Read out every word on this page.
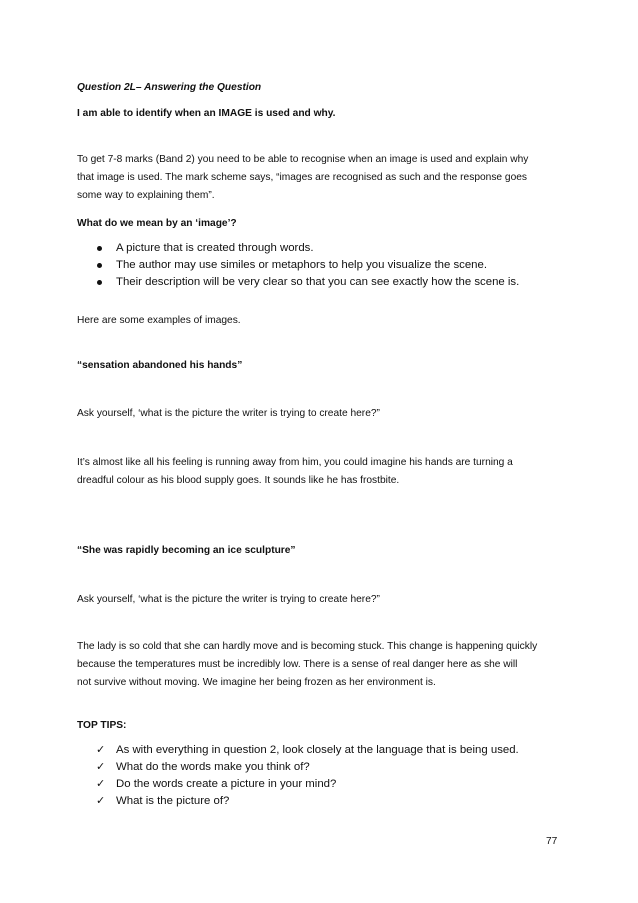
Question 2L– Answering the Question

I am able to identify when an IMAGE is used and why.

To get 7-8 marks (Band 2) you need to be able to recognise when an image is used and explain why

that image is used. The mark scheme says, “images are recognised as such and the response goes

some way to explaining them”.

What do we mean by an ‘image’?

A picture that is created through words.
The author may use similes or metaphors to help you visualize the scene.
Their description will be very clear so that you can see exactly how the scene is.

Here are some examples of images.

“sensation abandoned his hands”

Ask yourself, ‘what is the picture the writer is trying to create here?”

It’s almost like all his feeling is running away from him, you could imagine his hands are turning a

dreadful colour as his blood supply goes. It sounds like he has frostbite.

“She was rapidly becoming an ice sculpture”

Ask yourself, ‘what is the picture the writer is trying to create here?”

The lady is so cold that she can hardly move and is becoming stuck. This change is happening quickly

because the temperatures must be incredibly low. There is a sense of real danger here as she will

not survive without moving. We imagine her being frozen as her environment is.

TOP TIPS:

✓ As with everything in question 2, look closely at the language that is being used.
✓ What do the words make you think of?
✓ Do the words create a picture in your mind?
✓ What is the picture of?
77
